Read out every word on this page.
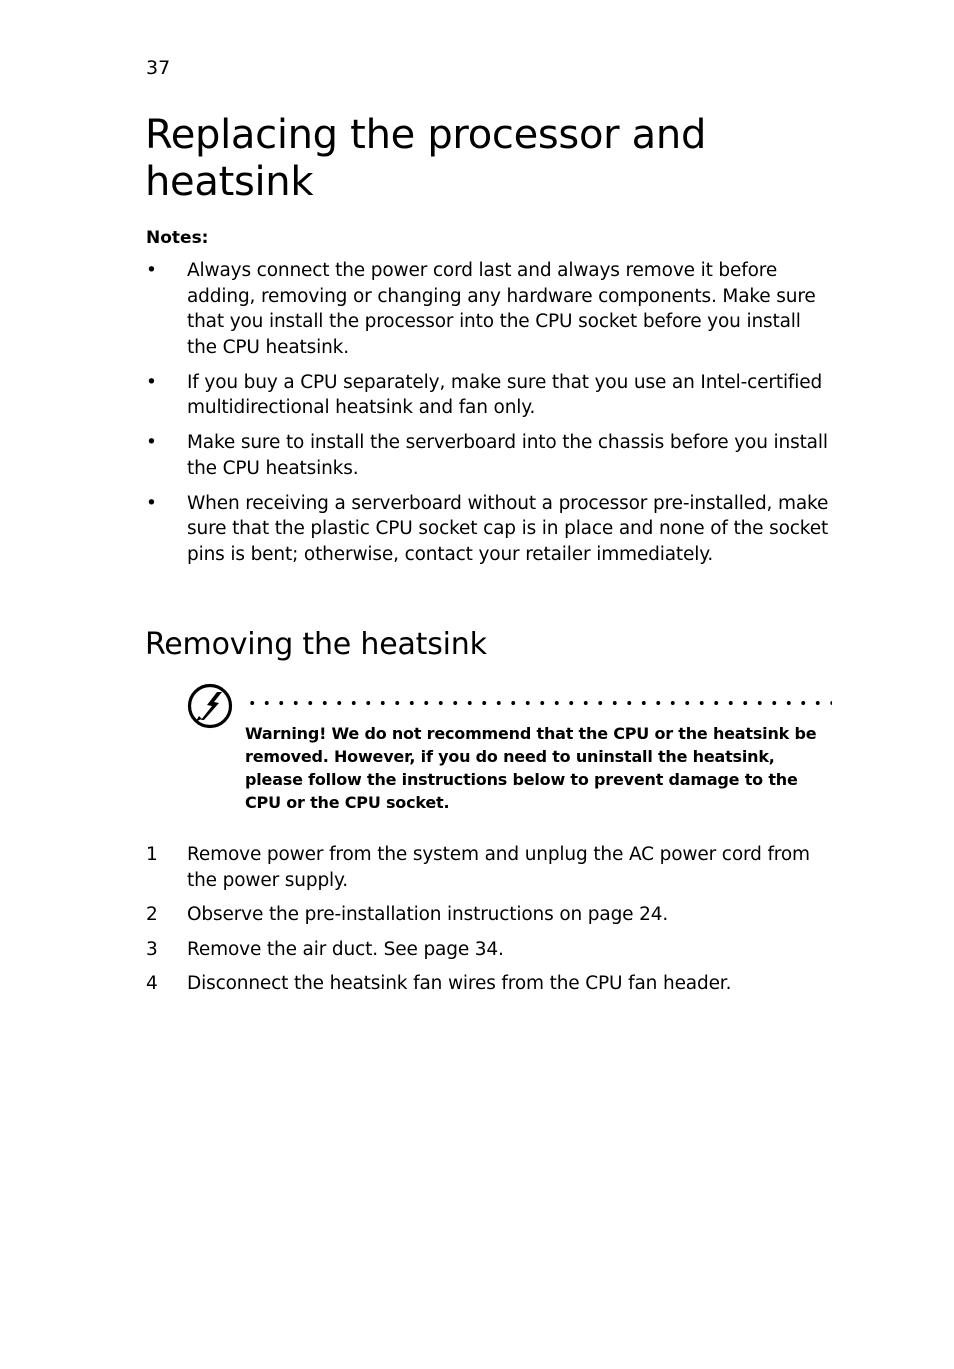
37
Replacing the processor and heatsink
Notes:
• Always connect the power cord last and always remove it before adding, removing or changing any hardware components. Make sure that you install the processor into the CPU socket before you install the CPU heatsink.
• If you buy a CPU separately, make sure that you use an Intel-certified multidirectional heatsink and fan only.
• Make sure to install the serverboard into the chassis before you install the CPU heatsinks.
• When receiving a serverboard without a processor pre-installed, make sure that the plastic CPU socket cap is in place and none of the socket pins is bent; otherwise, contact your retailer immediately.
Removing the heatsink

Warning! We do not recommend that the CPU or the heatsink be removed. However, if you do need to uninstall the heatsink, please follow the instructions below to prevent damage to the CPU or the CPU socket.

1 Remove power from the system and unplug the AC power cord from the power supply.
2 Observe the pre-installation instructions on page 24.
3 Remove the air duct. See page 34.
4 Disconnect the heatsink fan wires from the CPU fan header.
